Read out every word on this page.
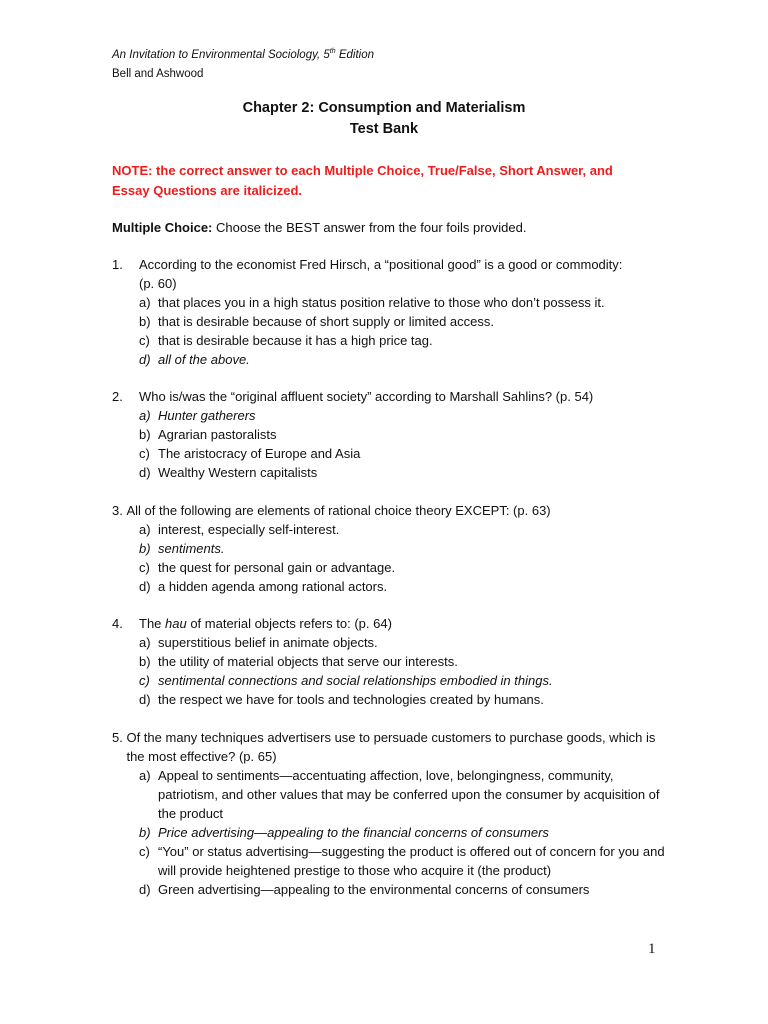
An Invitation to Environmental Sociology, 5th Edition
Bell and Ashwood
Chapter 2: Consumption and Materialism
Test Bank
NOTE: the correct answer to each Multiple Choice, True/False, Short Answer, and Essay Questions are italicized.
Multiple Choice: Choose the BEST answer from the four foils provided.
1.	According to the economist Fred Hirsch, a “positional good” is a good or commodity:
(p. 60)
a) that places you in a high status position relative to those who don’t possess it.
b) that is desirable because of short supply or limited access.
c) that is desirable because it has a high price tag.
d) all of the above.
2.	Who is/was the “original affluent society” according to Marshall Sahlins? (p. 54)
a) Hunter gatherers
b) Agrarian pastoralists
c) The aristocracy of Europe and Asia
d) Wealthy Western capitalists
3.
All of the following are elements of rational choice theory EXCEPT: (p. 63)
a) interest, especially self-interest.
b) sentiments.
c) the quest for personal gain or advantage.
d) a hidden agenda among rational actors.
4.	The hau of material objects refers to: (p. 64)
a) superstitious belief in animate objects.
b) the utility of material objects that serve our interests.
c) sentimental connections and social relationships embodied in things.
d) the respect we have for tools and technologies created by humans.
5.
Of the many techniques advertisers use to persuade customers to purchase goods, which is the most effective? (p. 65)
a) Appeal to sentiments—accentuating affection, love, belongingness, community, patriotism, and other values that may be conferred upon the consumer by acquisition of the product
b) Price advertising—appealing to the financial concerns of consumers
c) “You” or status advertising—suggesting the product is offered out of concern for you and will provide heightened prestige to those who acquire it (the product)
d) Green advertising—appealing to the environmental concerns of consumers
1
